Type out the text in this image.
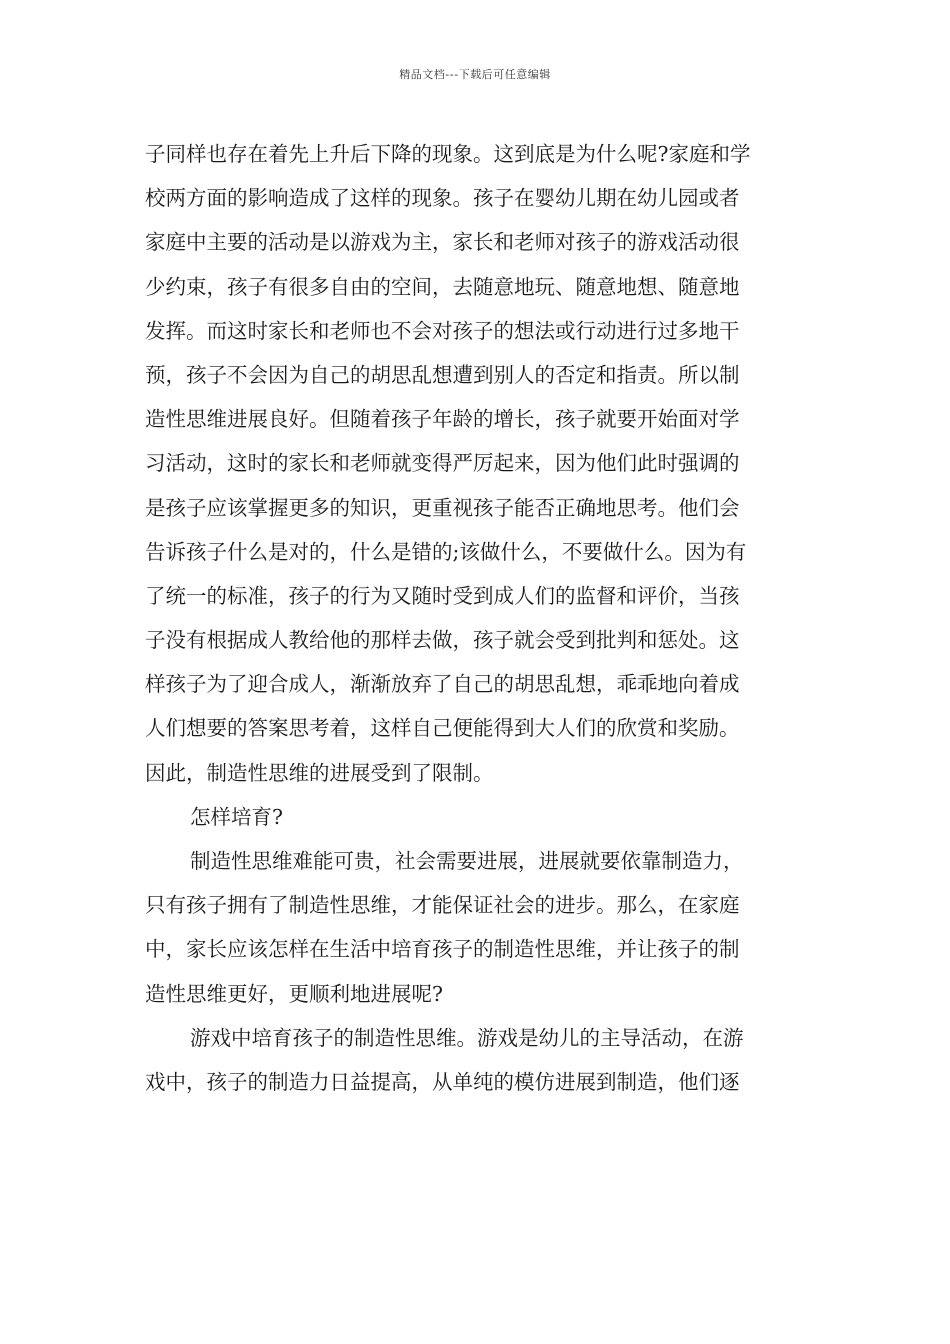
精品文档---下载后可任意编辑
子同样也存在着先上升后下降的现象。这到底是为什么呢?家庭和学
校两方面的影响造成了这样的现象。孩子在婴幼儿期在幼儿园或者
家庭中主要的活动是以游戏为主，家长和老师对孩子的游戏活动很
少约束，孩子有很多自由的空间，去随意地玩、随意地想、随意地
发挥。而这时家长和老师也不会对孩子的想法或行动进行过多地干
预，孩子不会因为自己的胡思乱想遭到别人的否定和指责。所以制
造性思维进展良好。但随着孩子年龄的增长，孩子就要开始面对学
习活动，这时的家长和老师就变得严厉起来，因为他们此时强调的
是孩子应该掌握更多的知识，更重视孩子能否正确地思考。他们会
告诉孩子什么是对的，什么是错的;该做什么，不要做什么。因为有
了统一的标准，孩子的行为又随时受到成人们的监督和评价，当孩
子没有根据成人教给他的那样去做，孩子就会受到批判和惩处。这
样孩子为了迎合成人，渐渐放弃了自己的胡思乱想，乖乖地向着成
人们想要的答案思考着，这样自己便能得到大人们的欣赏和奖励。
因此，制造性思维的进展受到了限制。
怎样培育?
制造性思维难能可贵，社会需要进展，进展就要依靠制造力，
只有孩子拥有了制造性思维，才能保证社会的进步。那么，在家庭
中，家长应该怎样在生活中培育孩子的制造性思维，并让孩子的制
造性思维更好，更顺利地进展呢?
游戏中培育孩子的制造性思维。游戏是幼儿的主导活动，在游
戏中，孩子的制造力日益提高，从单纯的模仿进展到制造，他们逐
